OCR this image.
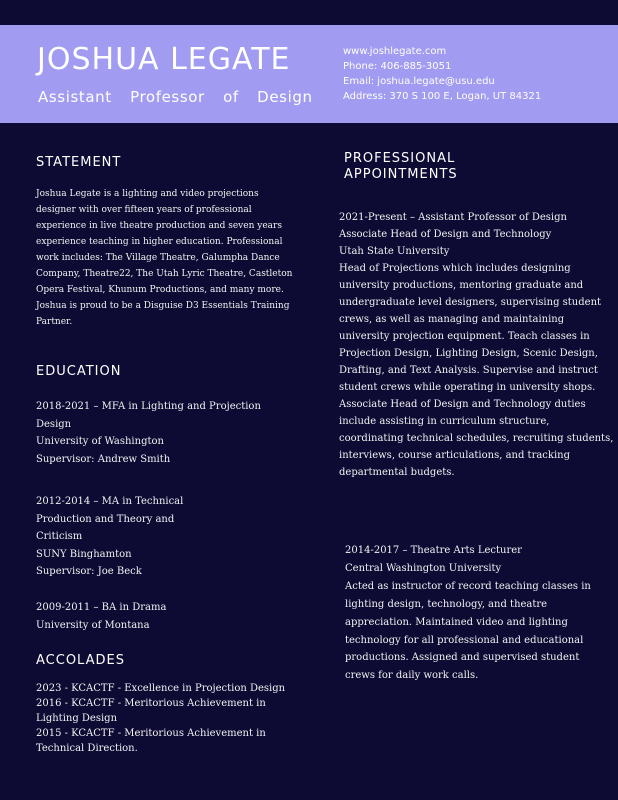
JOSHUA LEGATE
Assistant Professor of Design
www.joshlegate.com
Phone: 406-885-3051
Email: joshua.legate@usu.edu
Address: 370 S 100 E, Logan, UT 84321
STATEMENT
Joshua Legate is a lighting and video projections
designer with over fifteen years of professional
experience in live theatre production and seven years
experience teaching in higher education. Professional
work includes: The Village Theatre, Galumpha Dance
Company, Theatre22, The Utah Lyric Theatre, Castleton
Opera Festival, Khunum Productions, and many more.
Joshua is proud to be a Disguise D3 Essentials Training
Partner.
EDUCATION
2018-2021 – MFA in Lighting and Projection
Design
University of Washington
Supervisor: Andrew Smith
2012-2014 – MA in Technical
Production and Theory and
Criticism
SUNY Binghamton
Supervisor: Joe Beck
2009-2011 – BA in Drama
University of Montana
ACCOLADES
2023 - KCACTF - Excellence in Projection Design
2016 - KCACTF - Meritorious Achievement in
Lighting Design
2015 - KCACTF - Meritorious Achievement in
Technical Direction.
PROFESSIONAL
APPOINTMENTS
2021-Present – Assistant Professor of Design
Associate Head of Design and Technology
Utah State University
Head of Projections which includes designing
university productions, mentoring graduate and
undergraduate level designers, supervising student
crews, as well as managing and maintaining
university projection equipment. Teach classes in
Projection Design, Lighting Design, Scenic Design,
Drafting, and Text Analysis. Supervise and instruct
student crews while operating in university shops.
Associate Head of Design and Technology duties
include assisting in curriculum structure,
coordinating technical schedules, recruiting students,
interviews, course articulations, and tracking
departmental budgets.
2014-2017 – Theatre Arts Lecturer
Central Washington University
Acted as instructor of record teaching classes in
lighting design, technology, and theatre
appreciation. Maintained video and lighting
technology for all professional and educational
productions. Assigned and supervised student
crews for daily work calls.
